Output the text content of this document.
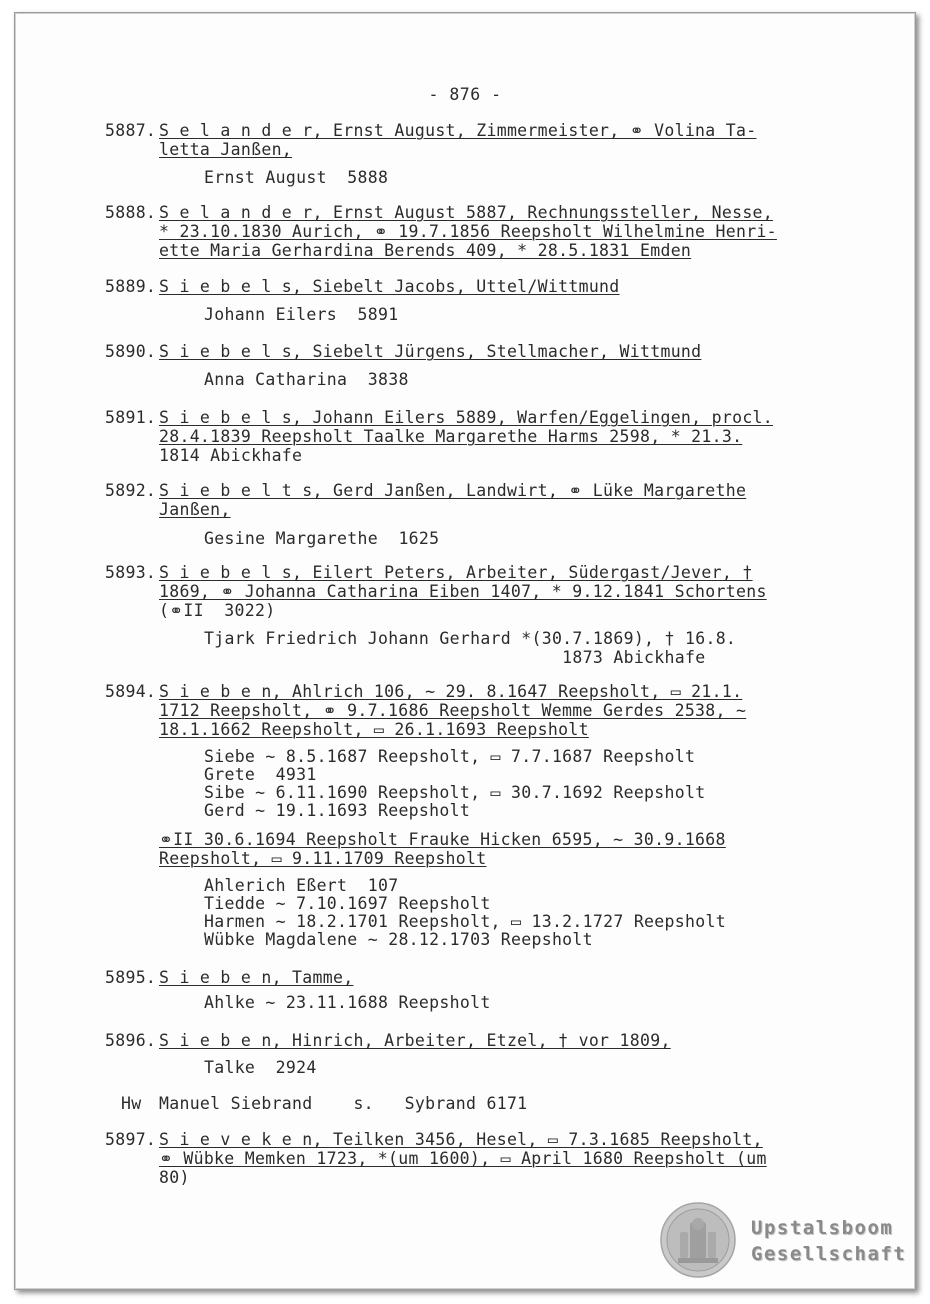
- 876 -
5887. S e l a n d e r, Ernst August, Zimmermeister, ⚭ Volina Ta-
letta Janßen,
Ernst August  5888
5888. S e l a n d e r, Ernst August 5887, Rechnungssteller, Nesse,
* 23.10.1830 Aurich, ⚭ 19.7.1856 Reepsholt Wilhelmine Henri-
ette Maria Gerhardina Berends 409, * 28.5.1831 Emden
5889. S i e b e l s, Siebelt Jacobs, Uttel/Wittmund
Johann Eilers  5891
5890. S i e b e l s, Siebelt Jürgens, Stellmacher, Wittmund
Anna Catharina  3838
5891. S i e b e l s, Johann Eilers 5889, Warfen/Eggelingen, procl.
28.4.1839 Reepsholt Taalke Margarethe Harms 2598, * 21.3.
1814 Abickhafe
5892. S i e b e l t s, Gerd Janßen, Landwirt, ⚭ Lüke Margarethe
Janßen,
Gesine Margarethe  1625
5893. S i e b e l s, Eilert Peters, Arbeiter, Südergast/Jever, †
1869, ⚭ Johanna Catharina Eiben 1407, * 9.12.1841 Schortens
(⚭II  3022)
Tjark Friedrich Johann Gerhard *(30.7.1869), † 16.8.
1873 Abickhafe
5894. S i e b e n, Ahlrich 106, ~ 29. 8.1647 Reepsholt, ▭ 21.1.
1712 Reepsholt, ⚭ 9.7.1686 Reepsholt Wemme Gerdes 2538, ~
18.1.1662 Reepsholt, ▭ 26.1.1693 Reepsholt
Siebe ~ 8.5.1687 Reepsholt, ▭ 7.7.1687 Reepsholt
Grete  4931
Sibe ~ 6.11.1690 Reepsholt, ▭ 30.7.1692 Reepsholt
Gerd ~ 19.1.1693 Reepsholt
⚭II 30.6.1694 Reepsholt Frauke Hicken 6595, ~ 30.9.1668
Reepsholt, ▭ 9.11.1709 Reepsholt
Ahlerich Eßert  107
Tiedde ~ 7.10.1697 Reepsholt
Harmen ~ 18.2.1701 Reepsholt, ▭ 13.2.1727 Reepsholt
Wübke Magdalene ~ 28.12.1703 Reepsholt
5895. S i e b e n, Tamme,
Ahlke ~ 23.11.1688 Reepsholt
5896. S i e b e n, Hinrich, Arbeiter, Etzel, † vor 1809,
Talke  2924
Hw Manuel Siebrand    s.   Sybrand 6171
5897. S i e v e k e n, Teilken 3456, Hesel, ▭ 7.3.1685 Reepsholt,
⚭ Wübke Memken 1723, *(um 1600), ▭ April 1680 Reepsholt (um
80)
Upstalsboom
Gesellschaft
